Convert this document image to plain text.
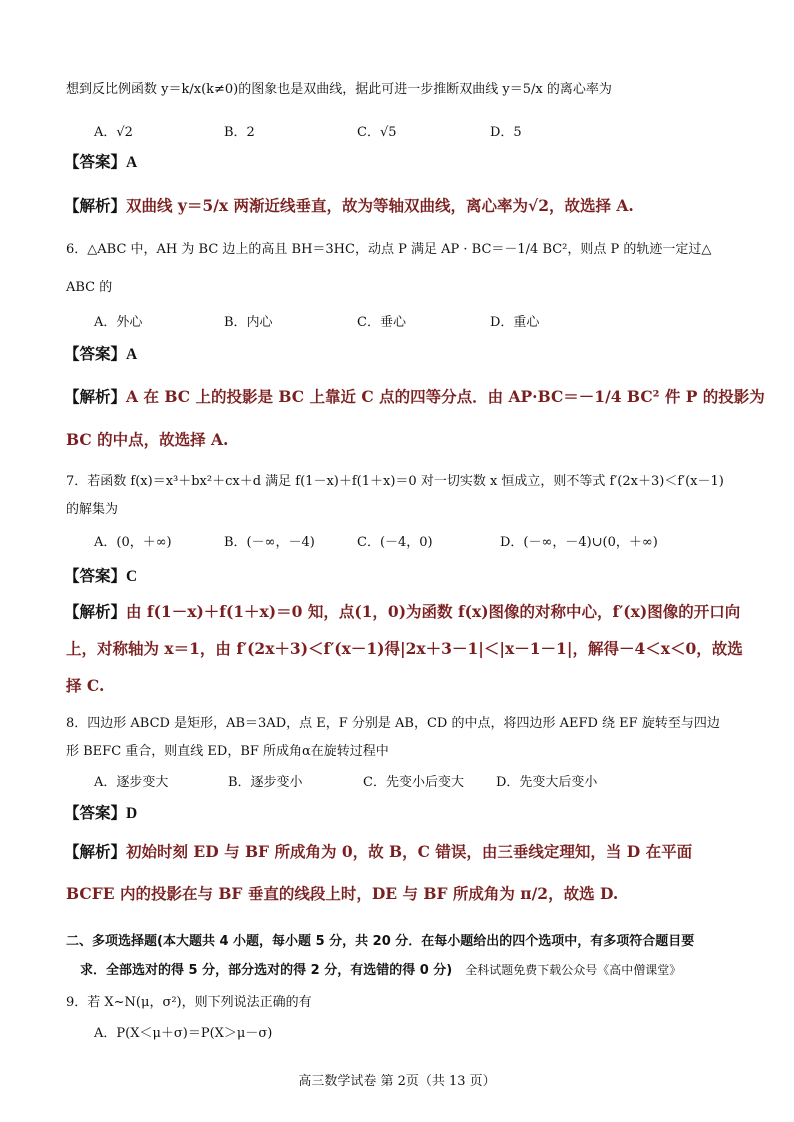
想到反比例函数 y＝k/x(k≠0)的图象也是双曲线，据此可进一步推断双曲线 y＝5/x 的离心率为
A．√2	B．2	C．√5	D．5
【答案】A
【解析】双曲线 y＝5/x 两渐近线垂直，故为等轴双曲线，离心率为√2，故选择 A.
6．△ABC 中，AH 为 BC 边上的高且 BH＝3HC，动点 P 满足 AP · BC＝－1/4 BC²，则点 P 的轨迹一定过△
ABC 的
A．外心	B．内心	C．垂心	D．重心
【答案】A
【解析】A 在 BC 上的投影是 BC 上靠近 C 点的四等分点．由 AP·BC＝－1/4 BC² 件 P 的投影为
BC 的中点，故选择 A.
7．若函数 f(x)＝x³＋bx²＋cx＋d 满足 f(1－x)＋f(1＋x)＝0 对一切实数 x 恒成立，则不等式 f′(2x＋3)＜f′(x－1)
的解集为
A．(0，＋∞)	B．(－∞，－4)	C．(－4，0)	D．(－∞，－4)∪(0，＋∞)
【答案】C
【解析】由 f(1－x)＋f(1＋x)＝0 知，点(1，0)为函数 f(x)图像的对称中心，f′(x)图像的开口向
上，对称轴为 x＝1，由 f′(2x＋3)＜f′(x－1)得|2x＋3－1|＜|x－1－1|，解得－4＜x＜0，故选
择 C.
8．四边形 ABCD 是矩形，AB＝3AD，点 E，F 分别是 AB，CD 的中点，将四边形 AEFD 绕 EF 旋转至与四边
形 BEFC 重合，则直线 ED，BF 所成角α在旋转过程中
A．逐步变大	B．逐步变小	C．先变小后变大 D．先变大后变小
【答案】D
【解析】初始时刻 ED 与 BF 所成角为 0，故 B，C 错误，由三垂线定理知，当 D 在平面
BCFE 内的投影在与 BF 垂直的线段上时，DE 与 BF 所成角为 π/2，故选 D.
二、多项选择题(本大题共 4 小题，每小题 5 分，共 20 分．在每小题给出的四个选项中，有多项符合题目要
求．全部选对的得 5 分，部分选对的得 2 分，有选错的得 0 分)　 全科试题免费下载公众号《高中僧课堂》
9．若 X~N(μ，σ²)，则下列说法正确的有
A．P(X＜μ＋σ)＝P(X＞μ－σ)
高三数学试卷 第 2页（共 13 页）
